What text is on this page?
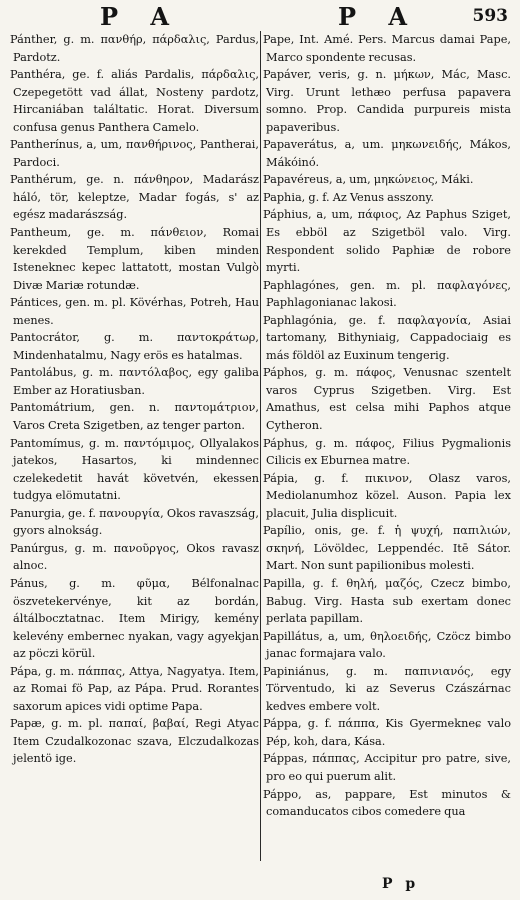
P A	P A	593
Pánther, g. m. πανθήρ, πάρδαλις, Pardus, Pardotz.
Panthéra, ge. f. aliás Pardalis, πάρδαλις, Czepegetött vad állat, Nosteny pardotz, Hircaniában találtatic. Horat. Diversum confusa genus Panthera Camelo.
Pantherínus, a, um, πανθήρινος, Pantherai, Pardoci.
Panthérum, ge. n. πάνθηρον, Madarász háló, tör, keleptze, Madar fogás, s' az egész madarászság.
Pantheum, ge. m. πάνθειον, Romai kerekded Templum, kiben minden Isteneknec kepec lattatott, mostan Vulgò Divæ Mariæ rotundæ.
Pántices, gen. m. pl. Kövérhas, Potreh, Hau menes.
Pantocrátor, g. m. παντοκράτωρ, Mindenhatalmu, Nagy erös es hatalmas.
Pantolábus, g. m. παντόλαβος, egy galiba Ember az Horatiusban.
Pantomátrium, gen. n. παντομάτριον, Varos Creta Szigetben, az tenger parton.
Pantomímus, g. m. παντόμιμος, Ollyalakos jatekos, Hasartos, ki mindennec czelekedetit havát követvén, ekessen tudgya elömutatni.
Panurgia, ge. f. πανουργία, Okos ravaszság, gyors alnokság.
Panúrgus, g. m. πανοῦργος, Okos ravasz alnoc.
Pánus, g. m. φῦμα, Bélfonalnac öszvetekervénye, kit az bordán, áltálbocztatnac. Item Mirigy, kemény kelevény embernec nyakan, vagy agyekjan az pöczi körül.
Pápa, g. m. πάππας, Attya, Nagyatya. Item, az Romai fö Pap, az Pápa. Prud. Rorantes saxorum apices vidi optime Papa.
Papæ, g. m. pl. παπαί, βαβαί, Regi Atyac Item Czudalkozonac szava, Elczudalkozas jelentö ige.
Pape, Int. Amé. Pers. Marcus damai Pape, Marco spondente recusas.
Papáver, veris, g. n. μήκων, Mác, Masc. Virg. Urunt lethæo perfusa papavera somno. Prop. Candida purpureis mista papaveribus.
Papaverátus, a, um. μηκωνειδής, Mákos, Mákóinó.
Papavéreus, a, um, μηκώνειος, Máki.
Paphia, g. f. Az Venus asszony.
Páphius, a, um, πάφιος, Az Paphus Sziget, Es ebböl az Szigetböl valo. Virg. Respondent solido Paphiæ de robore myrti.
Paphlagónes, gen. m. pl. παφλαγόνες, Paphlagonianac lakosi.
Paphlagónia, ge. f. παφλαγονία, Asiai tartomany, Bithyniaig, Cappadociaig es más földöl az Euxinum tengerig.
Páphos, g. m. πάφος, Venusnac szentelt varos Cyprus Szigetben. Virg. Est Amathus, est celsa mihi Paphos atque Cytheron.
Páphus, g. m. πάφος, Filius Pygmalionis Cilicis ex Eburnea matre.
Pápia, g. f. πικινον, Olasz varos, Mediolanumhoz közel. Auson. Papia lex placuit, Julia displicuit.
Papílio, onis, ge. f. ἡ ψυχή, παπιλιών, σκηνή, Lövöldec, Leppendéc. Itē Sátor. Mart. Non sunt papilionibus molesti.
Papilla, g. f. θηλή, μαζός, Czecz bimbo, Babug. Virg. Hasta sub exertam donec perlata papillam.
Papillátus, a, um, θηλοειδής, Czöcz bimbo janac formajara valo.
Papiniánus, g. m. παπινιανός, egy Törventudo, ki az Severus Czászárnac kedves embere volt.
Páppa, g. f. πάππα, Kis Gyermekneɕ valo Pép, koh, dara, Kása.
Páppas, πάππας, Accipitur pro patre, sive, pro eo qui puerum alit.
Páppo, as, pappare, Est minutos & comanducatos cibos comedere qua
P p
